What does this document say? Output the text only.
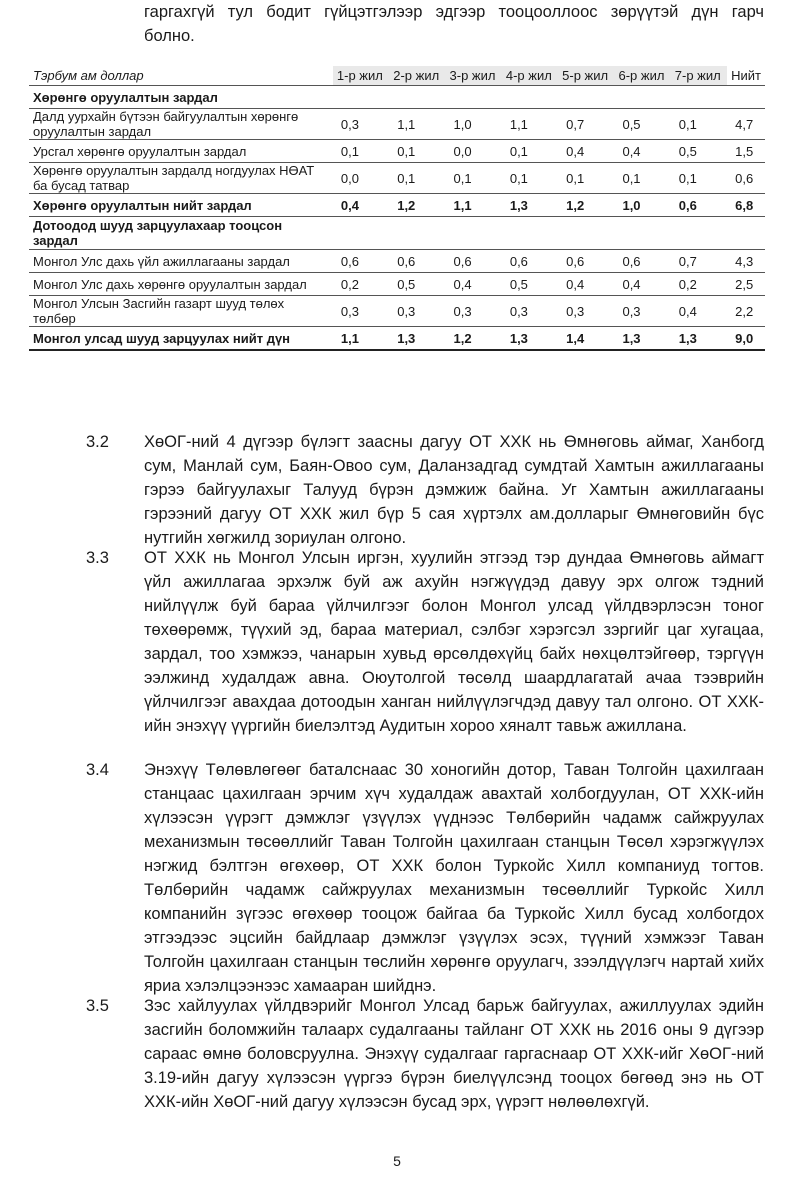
гаргахгүй тул бодит гүйцэтгэлээр эдгээр тооцооллоос зөрүүтэй дүн гарч
болно.
Тэрбум ам доллар	1-р жил	2-р жил	3-р жил	4-р жил	5-р жил	6-р жил	7-р жил	Нийт
Хөрөнгө оруулалтын зардал								
Далд уурхайн бүтээн байгуулалтын хөрөнгө оруулалтын зардал	0,3	1,1	1,0	1,1	0,7	0,5	0,1	4,7
Урсгал хөрөнгө оруулалтын зардал	0,1	0,1	0,0	0,1	0,4	0,4	0,5	1,5
Хөрөнгө оруулалтын зардалд ногдуулах НӨАТ ба бусад татвар	0,0	0,1	0,1	0,1	0,1	0,1	0,1	0,6
Хөрөнгө оруулалтын нийт зардал	0,4	1,2	1,1	1,3	1,2	1,0	0,6	6,8
Дотоодод шууд зарцуулахаар тооцсон зардал								
Монгол Улс дахь үйл ажиллагааны зардал	0,6	0,6	0,6	0,6	0,6	0,6	0,7	4,3
Монгол Улс дахь хөрөнгө оруулалтын зардал	0,2	0,5	0,4	0,5	0,4	0,4	0,2	2,5
Монгол Улсын Засгийн газарт шууд төлөх төлбөр	0,3	0,3	0,3	0,3	0,3	0,3	0,4	2,2
Монгол улсад шууд зарцуулах нийт дүн	1,1	1,3	1,2	1,3	1,4	1,3	1,3	9,0
3.2	ХөОГ-ний 4 дүгээр бүлэгт заасны дагуу ОТ ХХК нь Өмнөговь аймаг, Ханбогд сум, Манлай сум, Баян-Овоо сум, Даланзадгад сумдтай Хамтын ажиллагааны гэрээ байгуулахыг Талууд бүрэн дэмжиж байна. Уг Хамтын ажиллагааны гэрээний дагуу ОТ ХХК жил бүр 5 сая хүртэлх ам.долларыг Өмнөговийн бүс нутгийн хөгжилд зориулан олгоно.
3.3	ОТ ХХК нь Монгол Улсын иргэн, хуулийн этгээд тэр дундаа Өмнөговь аймагт үйл ажиллагаа эрхэлж буй аж ахуйн нэгжүүдэд давуу эрх олгож тэдний нийлүүлж буй бараа үйлчилгээг болон Монгол улсад үйлдвэрлэсэн тоног төхөөрөмж, түүхий эд, бараа материал, сэлбэг хэрэгсэл зэргийг цаг хугацаа, зардал, тоо хэмжээ, чанарын хувьд өрсөлдөхүйц байх нөхцөлтэйгөөр, тэргүүн ээлжинд худалдаж авна. Оюутолгой төсөлд шаардлагатай ачаа тээврийн үйлчилгээг авахдаа дотоодын ханган нийлүүлэгчдэд давуу тал олгоно. ОТ ХХК-ийн энэхүү үүргийн биелэлтэд Аудитын хороо хяналт тавьж ажиллана.
3.4	Энэхүү Төлөвлөгөөг баталснаас 30 хоногийн дотор, Таван Толгойн цахилгаан станцаас цахилгаан эрчим хүч худалдаж авахтай холбогдуулан, ОТ ХХК-ийн хүлээсэн үүрэгт дэмжлэг үзүүлэх үүднээс Төлбөрийн чадамж сайжруулах механизмын төсөөллийг Таван Толгойн цахилгаан станцын Төсөл хэрэгжүүлэх нэгжид бэлтгэн өгөхөөр, ОТ ХХК болон Туркойс Хилл компаниуд тогтов. Төлбөрийн чадамж сайжруулах механизмын төсөөллийг Туркойс Хилл компанийн зүгээс өгөхөөр тооцож байгаа ба Туркойс Хилл бусад холбогдох этгээдээс эцсийн байдлаар дэмжлэг үзүүлэх эсэх, түүний хэмжээг Таван Толгойн цахилгаан станцын төслийн хөрөнгө оруулагч, зээлдүүлэгч нартай хийх яриа хэлэлцээнээс хамааран шийднэ.
3.5	Зэс хайлуулах үйлдвэрийг Монгол Улсад барьж байгуулах, ажиллуулах эдийн засгийн боломжийн талаарх судалгааны тайланг ОТ ХХК нь 2016 оны 9 дүгээр сараас өмнө боловсруулна. Энэхүү судалгааг гаргаснаар ОТ ХХК-ийг ХөОГ-ний 3.19-ийн дагуу хүлээсэн үүргээ бүрэн биелүүлсэнд тооцох бөгөөд энэ нь ОТ ХХК-ийн ХөОГ-ний дагуу хүлээсэн бусад эрх, үүрэгт нөлөөлөхгүй.
5
